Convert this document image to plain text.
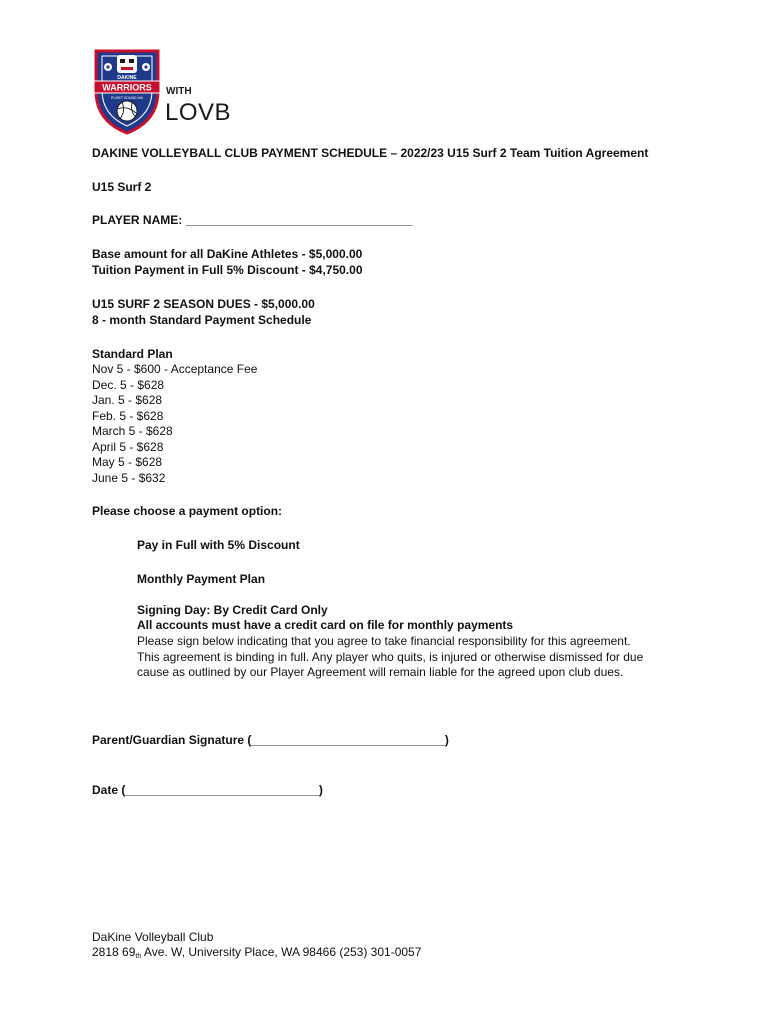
DAKINE
WARRIORS
PUGET SOUND WA
WITH
LOVB
DAKINE VOLLEYBALL CLUB PAYMENT SCHEDULE – 2022/23 U15 Surf 2 Team Tuition Agreement
U15 Surf 2
PLAYER NAME: __________________________________
Base amount for all DaKine Athletes - $5,000.00
Tuition Payment in Full 5% Discount - $4,750.00
U15 SURF 2 SEASON DUES - $5,000.00
8 - month Standard Payment Schedule
Standard Plan
Nov 5 - $600 - Acceptance Fee
Dec. 5 - $628
Jan. 5 - $628
Feb. 5 - $628
March 5 - $628
April 5 - $628
May 5 - $628
June 5 - $632
Please choose a payment option:
Pay in Full with 5% Discount
Monthly Payment Plan
Signing Day: By Credit Card Only
All accounts must have a credit card on file for monthly payments
Please sign below indicating that you agree to take financial responsibility for this agreement.
This agreement is binding in full. Any player who quits, is injured or otherwise dismissed for due
cause as outlined by our Player Agreement will remain liable for the agreed upon club dues.
Parent/Guardian Signature (_____________________________)
Date (_____________________________)
DaKine Volleyball Club
2818 69th Ave. W, University Place, WA 98466 (253) 301-0057
